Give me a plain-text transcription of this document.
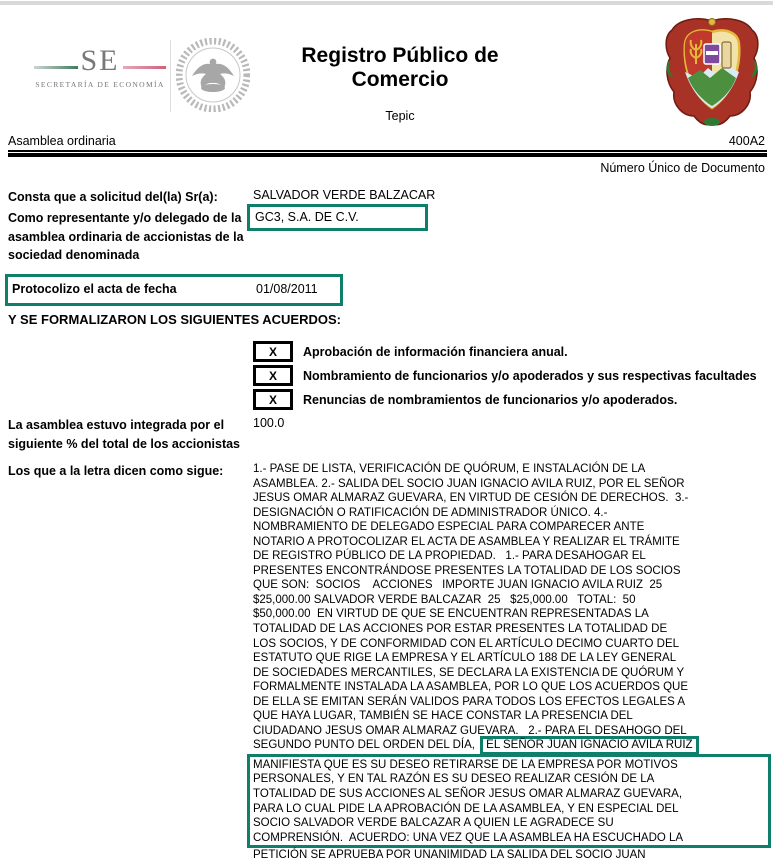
SE
SECRETARÍA DE ECONOMÍA
Registro Público de
Comercio
Tepic
Asamblea ordinaria	400A2
Número Único de Documento
Consta que a solicitud del(la) Sr(a):	SALVADOR VERDE BALZACAR
Como representante y/o delegado de la asamblea ordinaria de accionistas de la sociedad denominada
GC3, S.A. DE C.V.
Protocolizo el acta de fecha	01/08/2011
Y SE FORMALIZARON LOS SIGUIENTES ACUERDOS:
X Aprobación de información financiera anual.
X Nombramiento de funcionarios y/o apoderados y sus respectivas facultades
X Renuncias de nombramientos de funcionarios y/o apoderados.
La asamblea estuvo integrada por el siguiente % del total de los accionistas
100.0
Los que a la letra dicen como sigue:	1.- PASE DE LISTA, VERIFICACIÓN DE QUÓRUM, E INSTALACIÓN DE LA
ASAMBLEA. 2.- SALIDA DEL SOCIO JUAN IGNACIO AVILA RUIZ, POR EL SEÑOR
JESUS OMAR ALMARAZ GUEVARA, EN VIRTUD DE CESIÓN DE DERECHOS.  3.-
DESIGNACIÓN O RATIFICACIÓN DE ADMINISTRADOR ÚNICO. 4.-
NOMBRAMIENTO DE DELEGADO ESPECIAL PARA COMPARECER ANTE
NOTARIO A PROTOCOLIZAR EL ACTA DE ASAMBLEA Y REALIZAR EL TRÁMITE
DE REGISTRO PÚBLICO DE LA PROPIEDAD.   1.- PARA DESAHOGAR EL
PRESENTES ENCONTRÁNDOSE PRESENTES LA TOTALIDAD DE LOS SOCIOS
QUE SON:  SOCIOS    ACCIONES   IMPORTE JUAN IGNACIO AVILA RUIZ  25
$25,000.00 SALVADOR VERDE BALCAZAR  25   $25,000.00   TOTAL:  50
$50,000.00  EN VIRTUD DE QUE SE ENCUENTRAN REPRESENTADAS LA
TOTALIDAD DE LAS ACCIONES POR ESTAR PRESENTES LA TOTALIDAD DE
LOS SOCIOS, Y DE CONFORMIDAD CON EL ARTÍCULO DECIMO CUARTO DEL
ESTATUTO QUE RIGE LA EMPRESA Y EL ARTÍCULO 188 DE LA LEY GENERAL
DE SOCIEDADES MERCANTILES, SE DECLARA LA EXISTENCIA DE QUÓRUM Y
FORMALMENTE INSTALADA LA ASAMBLEA, POR LO QUE LOS ACUERDOS QUE
DE ELLA SE EMITAN SERÁN VALIDOS PARA TODOS LOS EFECTOS LEGALES A
QUE HAYA LUGAR, TAMBIÉN SE HACE CONSTAR LA PRESENCIA DEL
CIUDADANO JESUS OMAR ALMARAZ GUEVARA.   2.- PARA EL DESAHOGO DEL
SEGUNDO PUNTO DEL ORDEN DEL DÍA, EL SEÑOR JUAN IGNACIO AVILA RUIZ
MANIFIESTA QUE ES SU DESEO RETIRARSE DE LA EMPRESA POR MOTIVOS
PERSONALES, Y EN TAL RAZÓN ES SU DESEO REALIZAR CESIÓN DE LA
TOTALIDAD DE SUS ACCIONES AL SEÑOR JESUS OMAR ALMARAZ GUEVARA,
PARA LO CUAL PIDE LA APROBACIÓN DE LA ASAMBLEA, Y EN ESPECIAL DEL
SOCIO SALVADOR VERDE BALCAZAR A QUIEN LE AGRADECE SU
COMPRENSIÓN.  ACUERDO: UNA VEZ QUE LA ASAMBLEA HA ESCUCHADO LA
PETICIÓN SE APRUEBA POR UNANIMIDAD LA SALIDA DEL SOCIO JUAN
